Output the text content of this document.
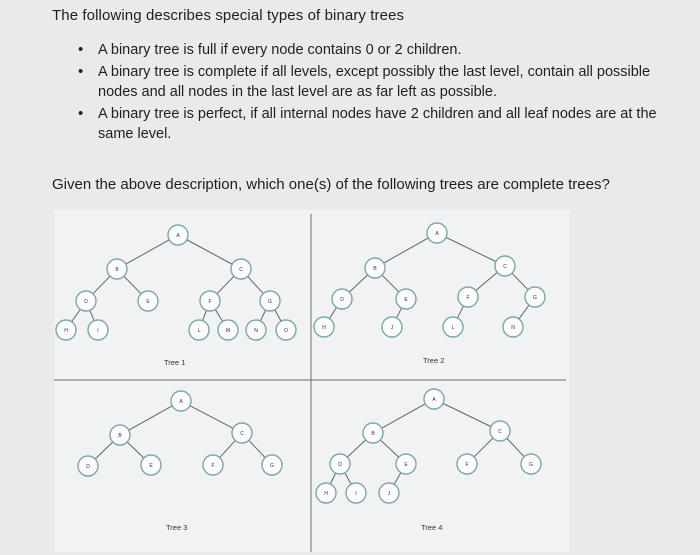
The following describes special types of binary trees
• A binary tree is full if every node contains 0 or 2 children.
• A binary tree is complete if all levels, except possibly the last level, contain all possible nodes and all nodes in the last level are as far left as possible.
• A binary tree is perfect, if all internal nodes have 2 children and all leaf nodes are at the same level.
Given the above description, which one(s) of the following trees are complete trees?
A
B	C
D	E	F	G
H	I	L	M	N	O
A
B	C
D	E	F	G
H	J	L	N
A
B	C
D	E	F	G
A
B	C
D	E	F	G
H	I	J
Tree 1	Tree 2
Tree 3	Tree 4
